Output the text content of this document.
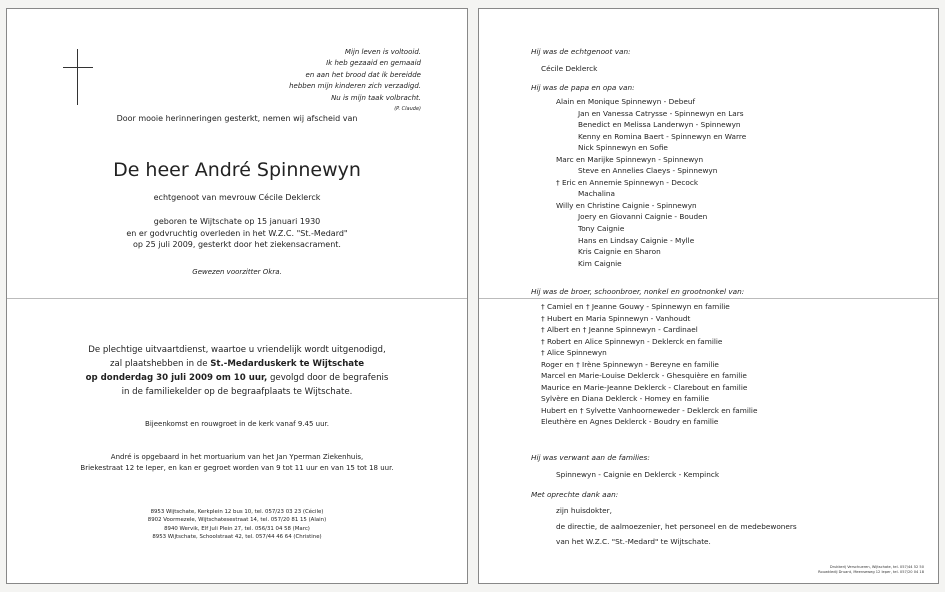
Mijn leven is voltooid.
Ik heb gezaaid en gemaaid
en aan het brood dat ik bereidde
hebben mijn kinderen zich verzadigd.
Nu is mijn taak volbracht.
(P. Claude)
Door mooie herinneringen gesterkt, nemen wij afscheid van
De heer André Spinnewyn
echtgenoot van mevrouw Cécile Deklerck
geboren te Wijtschate op 15 januari 1930
en er godvruchtig overleden in het W.Z.C. "St.-Medard"
op 25 juli 2009, gesterkt door het ziekensacrament.
Gewezen voorzitter Okra.
De plechtige uitvaartdienst, waartoe u vriendelijk wordt uitgenodigd,
zal plaatshebben in de St.-Medarduskerk te Wijtschate
op donderdag 30 juli 2009 om 10 uur, gevolgd door de begrafenis
in de familiekelder op de begraafplaats te Wijtschate.
Bijeenkomst en rouwgroet in de kerk vanaf 9.45 uur.
André is opgebaard in het mortuarium van het Jan Yperman Ziekenhuis,
Briekestraat 12 te Ieper, en kan er gegroet worden van 9 tot 11 uur en van 15 tot 18 uur.
8953 Wijtschate, Kerkplein 12 bus 10, tel. 057/23 03 23 (Cécile)
8902 Voormezele, Wijtschatesestraat 14, tel. 057/20 81 15 (Alain)
8940 Wervik, Elf Juli Plein 27, tel. 056/31 04 58 (Marc)
8953 Wijtschate, Schoolstraat 42, tel. 057/44 46 64 (Christine)
Hij was de echtgenoot van:
Cécile Deklerck
Hij was de papa en opa van:
Alain en Monique Spinnewyn - Debeuf
Jan en Vanessa Catrysse - Spinnewyn en Lars
Benedict en Melissa Landerwyn - Spinnewyn
Kenny en Romina Baert - Spinnewyn en Warre
Nick Spinnewyn en Sofie
Marc en Marijke Spinnewyn - Spinnewyn
Steve en Annelies Claeys - Spinnewyn
† Eric en Annemie Spinnewyn - Decock
Machalina
Willy en Christine Caignie - Spinnewyn
Joery en Giovanni Caignie - Bouden
Tony Caignie
Hans en Lindsay Caignie - Mylle
Kris Caignie en Sharon
Kim Caignie
Hij was de broer, schoonbroer, nonkel en grootnonkel van:
† Camiel en † Jeanne Gouwy - Spinnewyn en familie
† Hubert en Maria Spinnewyn - Vanhoudt
† Albert en † Jeanne Spinnewyn - Cardinael
† Robert en Alice Spinnewyn - Deklerck en familie
† Alice Spinnewyn
Roger en † Irène Spinnewyn - Bereyne en familie
Marcel en Marie-Louise Deklerck - Ghesquière en familie
Maurice en Marie-Jeanne Deklerck - Clarebout en familie
Sylvère en Diana Deklerck - Homey en familie
Hubert en † Sylvette Vanhoorneweder - Deklerck en familie
Eleuthère en Agnes Deklerck - Boudry en familie
Hij was verwant aan de families:
Spinnewyn - Caignie en Deklerck - Kempinck
Met oprechte dank aan:
zijn huisdokter,
de directie, de aalmoezenier, het personeel en de medebewoners
van het W.Z.C. "St.-Medard" te Wijtschate.
Drukkerij Verschueren, Wijtschate, tel. 057/44 52 50
Rouwkledij Druant, Meenseweg 12 Ieper, tel. 057/20 04 18
